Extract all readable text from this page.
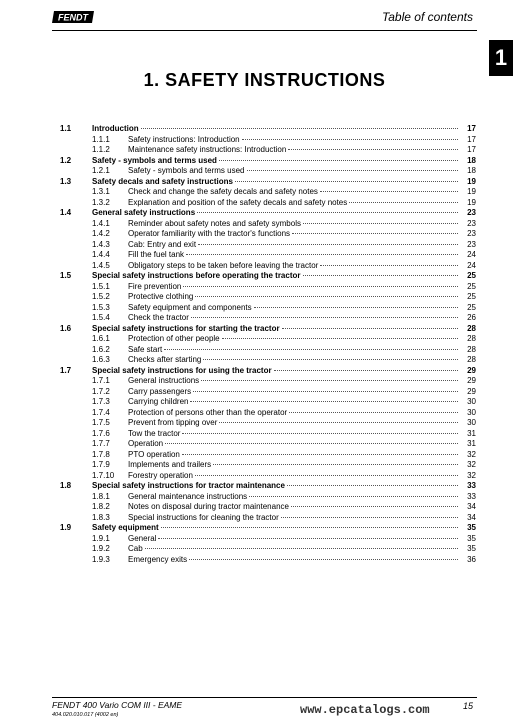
FENDT	Table of contents
1
1. SAFETY INSTRUCTIONS
1.1	Introduction	17
1.1.1	Safety instructions: Introduction	17
1.1.2	Maintenance safety instructions: Introduction	17
1.2	Safety - symbols and terms used	18
1.2.1	Safety - symbols and terms used	18
1.3	Safety decals and safety instructions	19
1.3.1	Check and change the safety decals and safety notes	19
1.3.2	Explanation and position of the safety decals and safety notes	19
1.4	General safety instructions	23
1.4.1	Reminder about safety notes and safety symbols	23
1.4.2	Operator familiarity with the tractor's functions	23
1.4.3	Cab: Entry and exit	23
1.4.4	Fill the fuel tank	24
1.4.5	Obligatory steps to be taken before leaving the tractor	24
1.5	Special safety instructions before operating the tractor	25
1.5.1	Fire prevention	25
1.5.2	Protective clothing	25
1.5.3	Safety equipment and components	25
1.5.4	Check the tractor	26
1.6	Special safety instructions for starting the tractor	28
1.6.1	Protection of other people	28
1.6.2	Safe start	28
1.6.3	Checks after starting	28
1.7	Special safety instructions for using the tractor	29
1.7.1	General instructions	29
1.7.2	Carry passengers	29
1.7.3	Carrying children	30
1.7.4	Protection of persons other than the operator	30
1.7.5	Prevent from tipping over	30
1.7.6	Tow the tractor	31
1.7.7	Operation	31
1.7.8	PTO operation	32
1.7.9	Implements and trailers	32
1.7.10	Forestry operation	32
1.8	Special safety instructions for tractor maintenance	33
1.8.1	General maintenance instructions	33
1.8.2	Notes on disposal during tractor maintenance	34
1.8.3	Special instructions for cleaning the tractor	34
1.9	Safety equipment	35
1.9.1	General	35
1.9.2	Cab	35
1.9.3	Emergency exits	36
FENDT 400 Vario COM III - EAME
404.020.010.017 (4002 en)	www.epcatalogs.com	15
